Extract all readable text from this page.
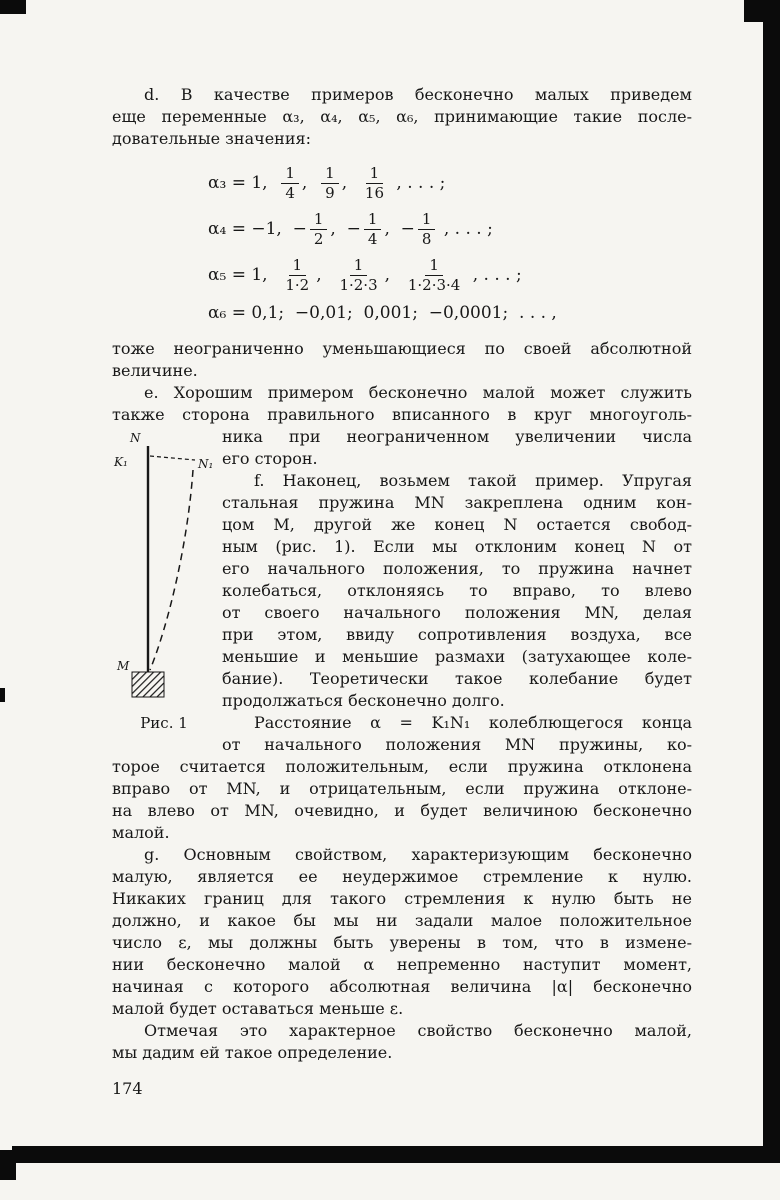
d. В качестве примеров бесконечно малых приведем
еще переменные α₃, α₄, α₅, α₆, принимающие такие после-
довательные значения:
α₃ = 1, $\frac{1}{4}$ , $\frac{1}{9}$ , $\frac{1}{16}$ , . . . ;
α₄ = −1,  − $\frac{1}{2}$ ,  − $\frac{1}{4}$ ,  − $\frac{1}{8}$ , . . . ;
α₅ = 1, $\frac{1}{1\cdot 2}$ , $\frac{1}{1\cdot 2\cdot 3}$ , $\frac{1}{1\cdot 2\cdot 3\cdot 4}$ , . . . ;
α₆ = 0,1;  −0,01;  0,001;  −0,0001;  . . . ,
тоже неограниченно уменьшающиеся по своей абсолютной
величине.
e. Хорошим примером бесконечно малой может служить
также сторона правильного вписанного в круг многоуголь-
N
K₁	N₁
M
Рис. 1
ника при неограниченном увеличении числа
его сторон.
f. Наконец, возьмем такой пример. Упругая
стальная пружина MN закреплена одним кон-
цом M, другой же конец N остается свобод-
ным (рис. 1). Если мы отклоним конец N от
его начального положения, то пружина начнет
колебаться, отклоняясь то вправо, то влево
от своего начального положения MN, делая
при этом, ввиду сопротивления воздуха, все
меньшие и меньшие размахи (затухающее коле-
бание). Теоретически такое колебание будет
продолжаться бесконечно долго.
Расстояние α = K₁N₁ колеблющегося конца
от начального положения MN пружины, ко-
торое считается положительным, если пружина отклонена
вправо от MN, и отрицательным, если пружина отклоне-
на влево от MN, очевидно, и будет величиною бесконечно
малой.
g. Основным свойством, характеризующим бесконечно
малую, является ее неудержимое стремление к нулю.
Никаких границ для такого стремления к нулю быть не
должно, и какое бы мы ни задали малое положительное
число ε, мы должны быть уверены в том, что в измене-
нии бесконечно малой α непременно наступит момент,
начиная с которого абсолютная величина |α| бесконечно
малой будет оставаться меньше ε.
Отмечая это характерное свойство бесконечно малой,
мы дадим ей такое определение.
174
